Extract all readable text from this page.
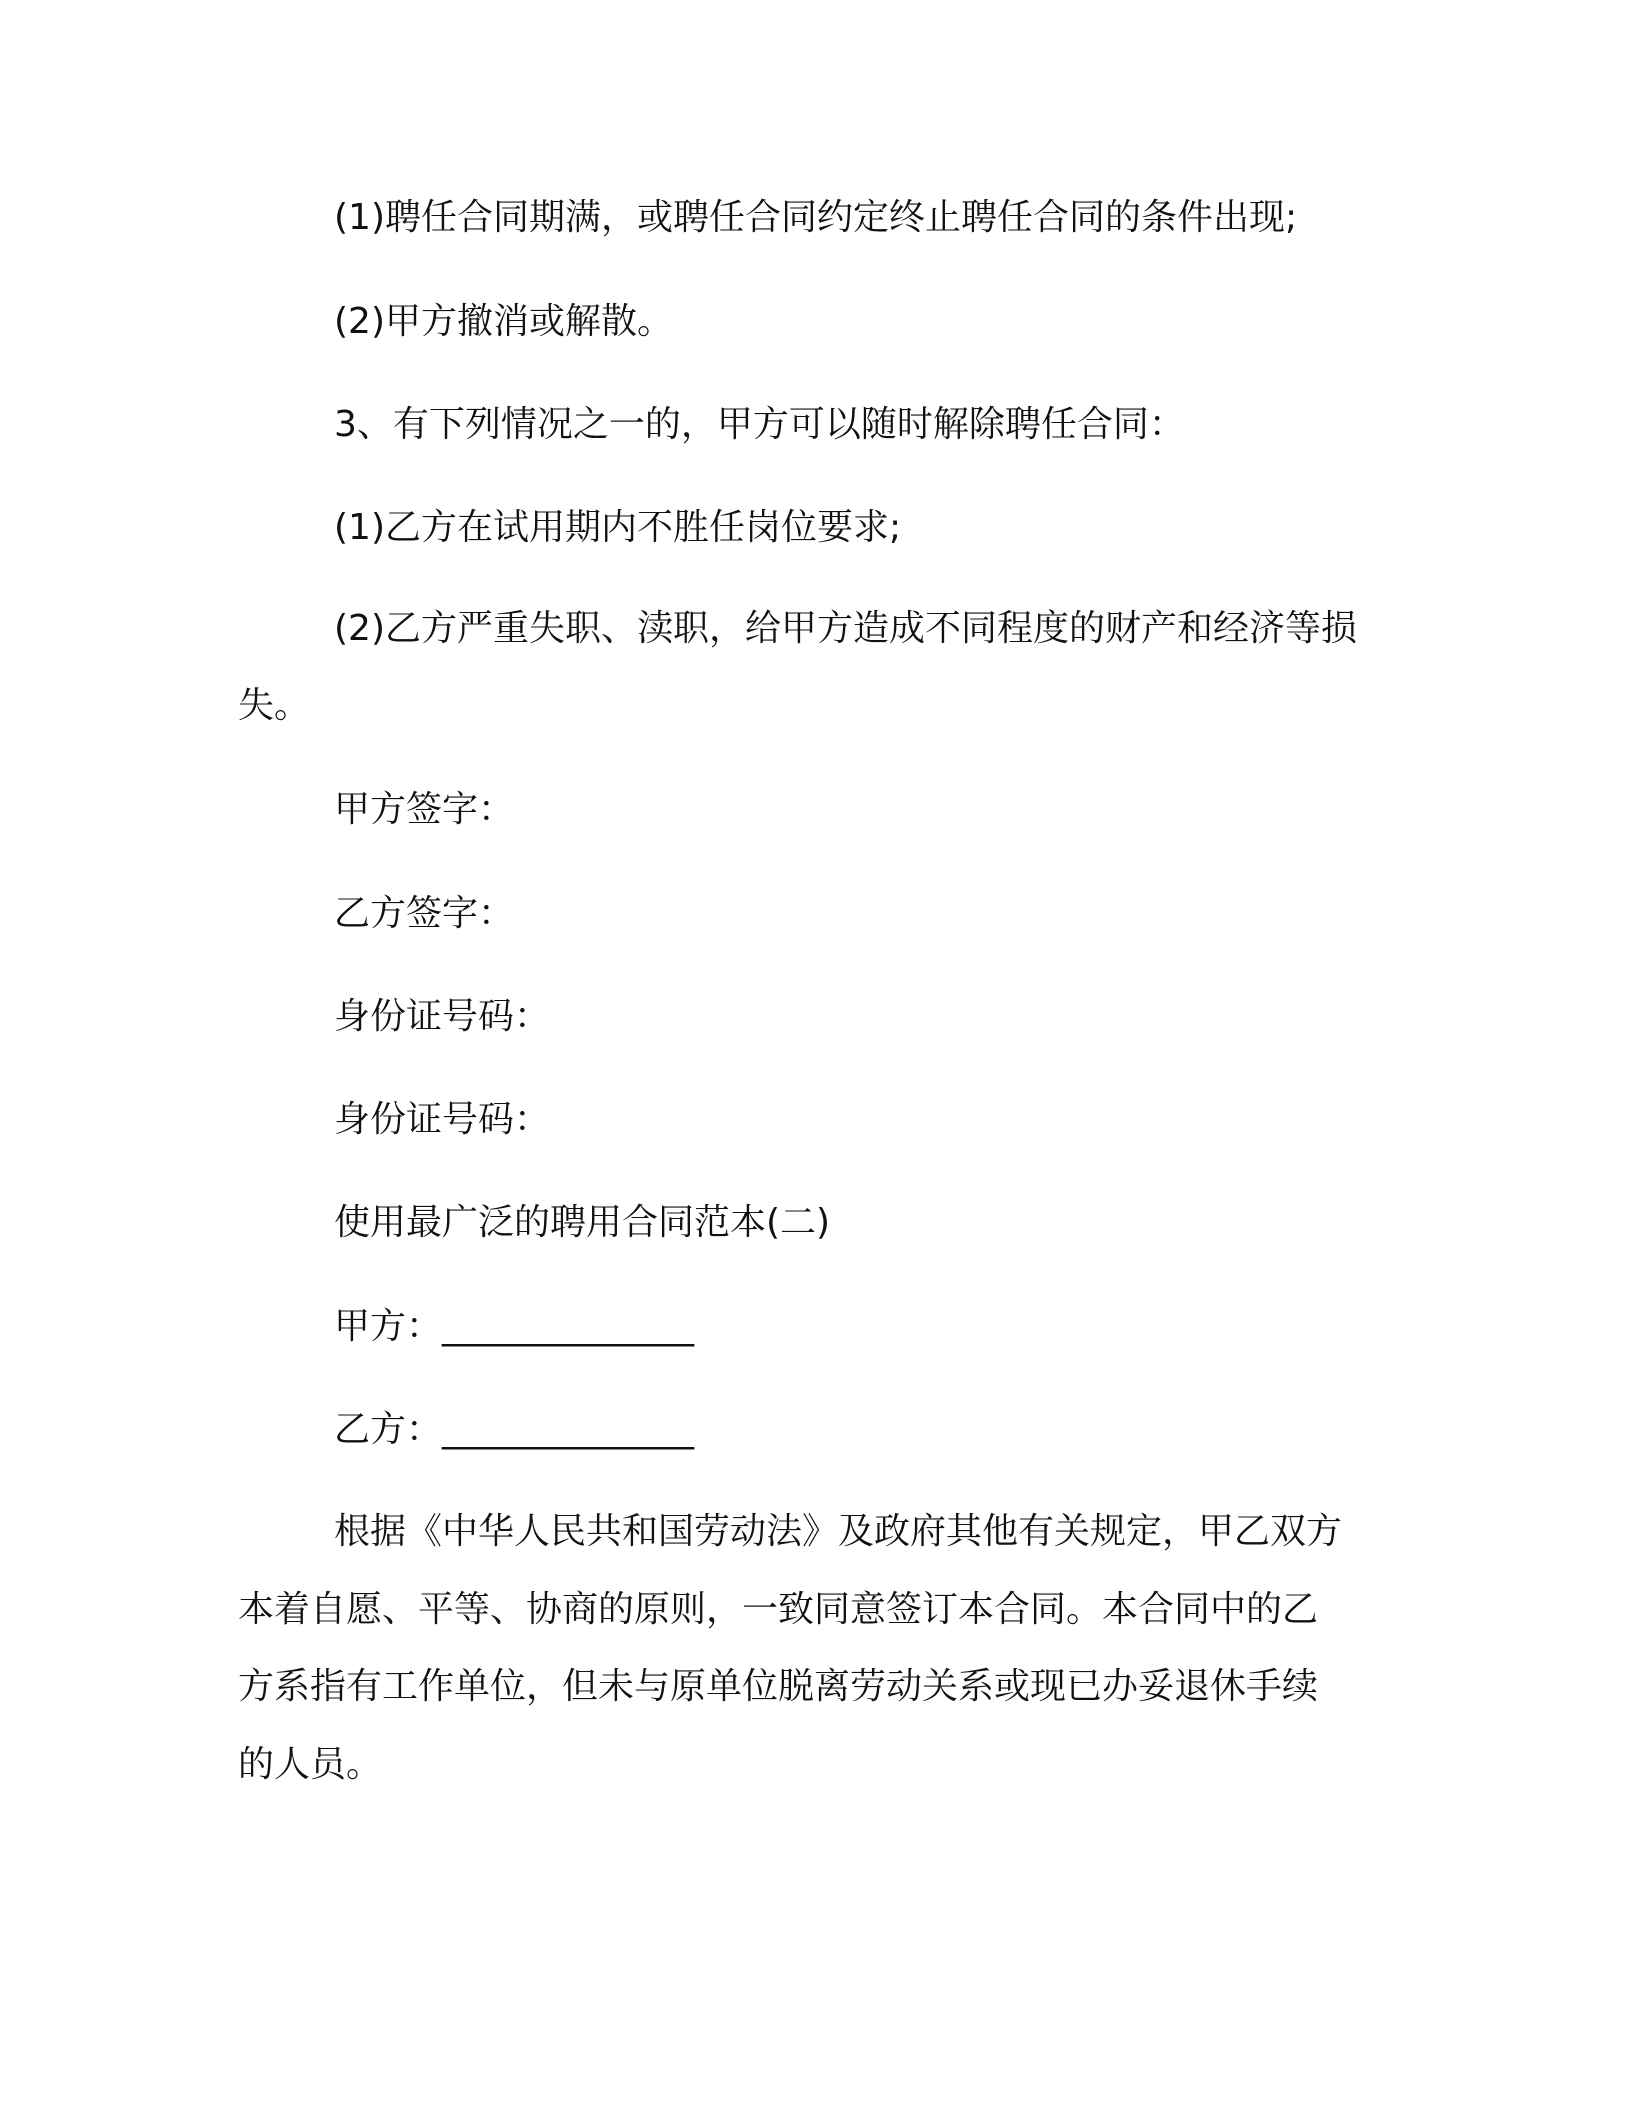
(1)聘任合同期满，或聘任合同约定终止聘任合同的条件出现;
(2)甲方撤消或解散。
3、有下列情况之一的，甲方可以随时解除聘任合同：
(1)乙方在试用期内不胜任岗位要求;
(2)乙方严重失职、渎职，给甲方造成不同程度的财产和经济等损
失。
甲方签字：
乙方签字：
身份证号码：
身份证号码：
使用最广泛的聘用合同范本(二)
甲方：______________
乙方：______________
根据《中华人民共和国劳动法》及政府其他有关规定，甲乙双方
本着自愿、平等、协商的原则，一致同意签订本合同。本合同中的乙
方系指有工作单位，但未与原单位脱离劳动关系或现已办妥退休手续
的人员。
